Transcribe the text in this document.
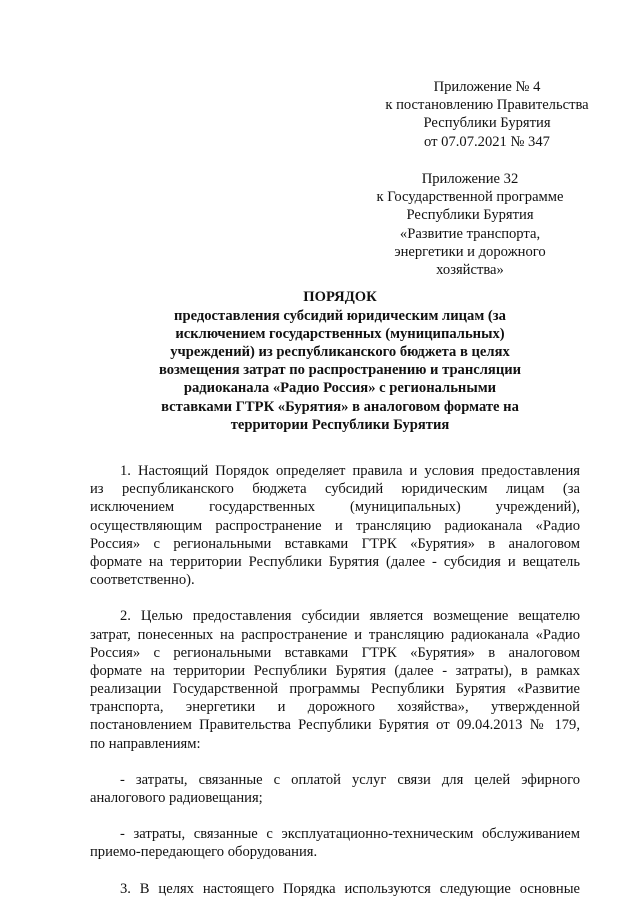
Приложение № 4
к постановлению Правительства
Республики Бурятия
от 07.07.2021 № 347
Приложение 32
к Государственной программе
Республики Бурятия
«Развитие транспорта,
энергетики и дорожного
хозяйства»
ПОРЯДОК
предоставления субсидий юридическим лицам (за
исключением государственных (муниципальных)
учреждений) из республиканского бюджета в целях
возмещения затрат по распространению и трансляции
радиоканала «Радио Россия» с региональными
вставками ГТРК «Бурятия» в аналоговом формате на
территории Республики Бурятия
1. Настоящий Порядок определяет правила и условия предоставления
из республиканского бюджета субсидий юридическим лицам (за
исключением государственных (муниципальных) учреждений),
осуществляющим распространение и трансляцию радиоканала «Радио
Россия» с региональными вставками ГТРК «Бурятия» в аналоговом
формате на территории Республики Бурятия (далее - субсидия и вещатель
соответственно).
2. Целью предоставления субсидии является возмещение вещателю
затрат, понесенных на распространение и трансляцию радиоканала «Радио
Россия» с региональными вставками ГТРК «Бурятия» в аналоговом
формате на территории Республики Бурятия (далее - затраты), в рамках
реализации Государственной программы Республики Бурятия «Развитие
транспорта, энергетики и дорожного хозяйства», утвержденной
постановлением Правительства Республики Бурятия от 09.04.2013 № 179,
по направлениям:
- затраты, связанные с оплатой услуг связи для целей эфирного
аналогового радиовещания;
- затраты, связанные с эксплуатационно-техническим обслуживанием
приемо-передающего оборудования.
3. В целях настоящего Порядка используются следующие основные
